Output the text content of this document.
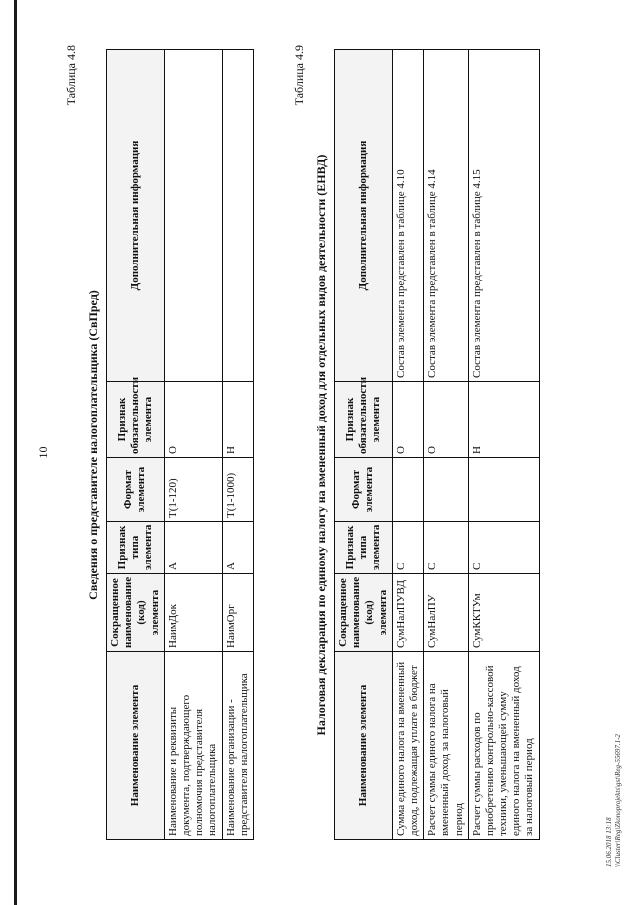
10
Таблица 4.8
Сведения о представителе налогоплательщика (СвПред)
Наименование элемента	Сокращенное наименование (код) элемента	Признак типа элемента	Формат элемента	Признак обязательности элемента	Дополнительная информация
Наименование и реквизиты документа, подтверждающего полномочия представителя налогоплательщика	НаимДок	А	T(1-120)	О	
Наименование организации - представителя налогоплательщика	НаимОрг	А	T(1-1000)	Н	
Таблица 4.9
Налоговая декларация по единому налогу на вмененный доход для отдельных видов деятельности (ЕНВД)
Наименование элемента	Сокращенное наименование (код) элемента	Признак типа элемента	Формат элемента	Признак обязательности элемента	Дополнительная информация
Сумма единого налога на вмененный доход, подлежащая уплате в бюджет	СумНалПУВД	С		О	Состав элемента представлен в таблице 4.10
Расчет суммы единого налога на вмененный доход за налоговый период	СумНалПУ	С		О	Состав элемента представлен в таблице 4.14
Расчет суммы расходов по приобретению контрольно-кассовой техники, уменьшающей сумму единого налога на вмененный доход за налоговый период	СумККТУм	С		Н	Состав элемента представлен в таблице 4.15
15.06.2018 13:18 \\Cluster\Reg\Zkonoprojekts\gst\Reg-55697.1-2
